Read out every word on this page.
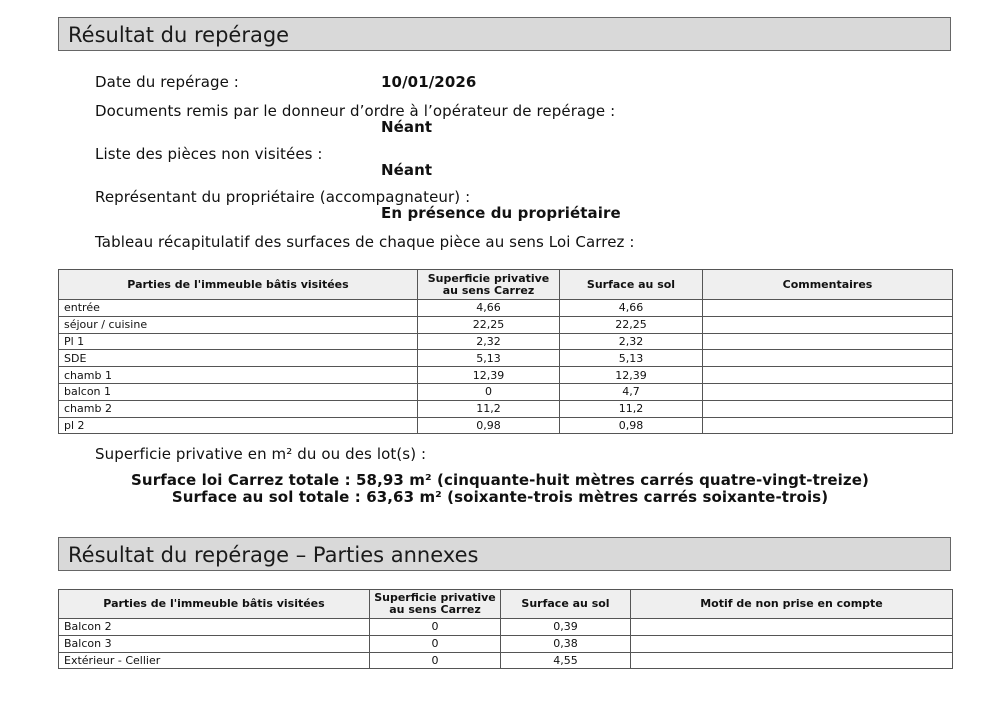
Résultat du repérage
Date du repérage :	10/01/2026
Documents remis par le donneur d’ordre à l’opérateur de repérage :
Néant
Liste des pièces non visitées :
Néant
Représentant du propriétaire (accompagnateur) :
En présence du propriétaire
Tableau récapitulatif des surfaces de chaque pièce au sens Loi Carrez :
Parties de l'immeuble bâtis visitées	Superficie privative au sens Carrez	Surface au sol	Commentaires
entrée	4,66	4,66	
séjour / cuisine	22,25	22,25	
Pl 1	2,32	2,32	
SDE	5,13	5,13	
chamb 1	12,39	12,39	
balcon 1	0	4,7	
chamb 2	11,2	11,2	
pl 2	0,98	0,98	
Superficie privative en m² du ou des lot(s) :
Surface loi Carrez totale : 58,93 m² (cinquante-huit mètres carrés quatre-vingt-treize)
Surface au sol totale : 63,63 m² (soixante-trois mètres carrés soixante-trois)
Résultat du repérage – Parties annexes
Parties de l'immeuble bâtis visitées	Superficie privative au sens Carrez	Surface au sol	Motif de non prise en compte
Balcon 2	0	0,39	
Balcon 3	0	0,38	
Extérieur - Cellier	0	4,55	
